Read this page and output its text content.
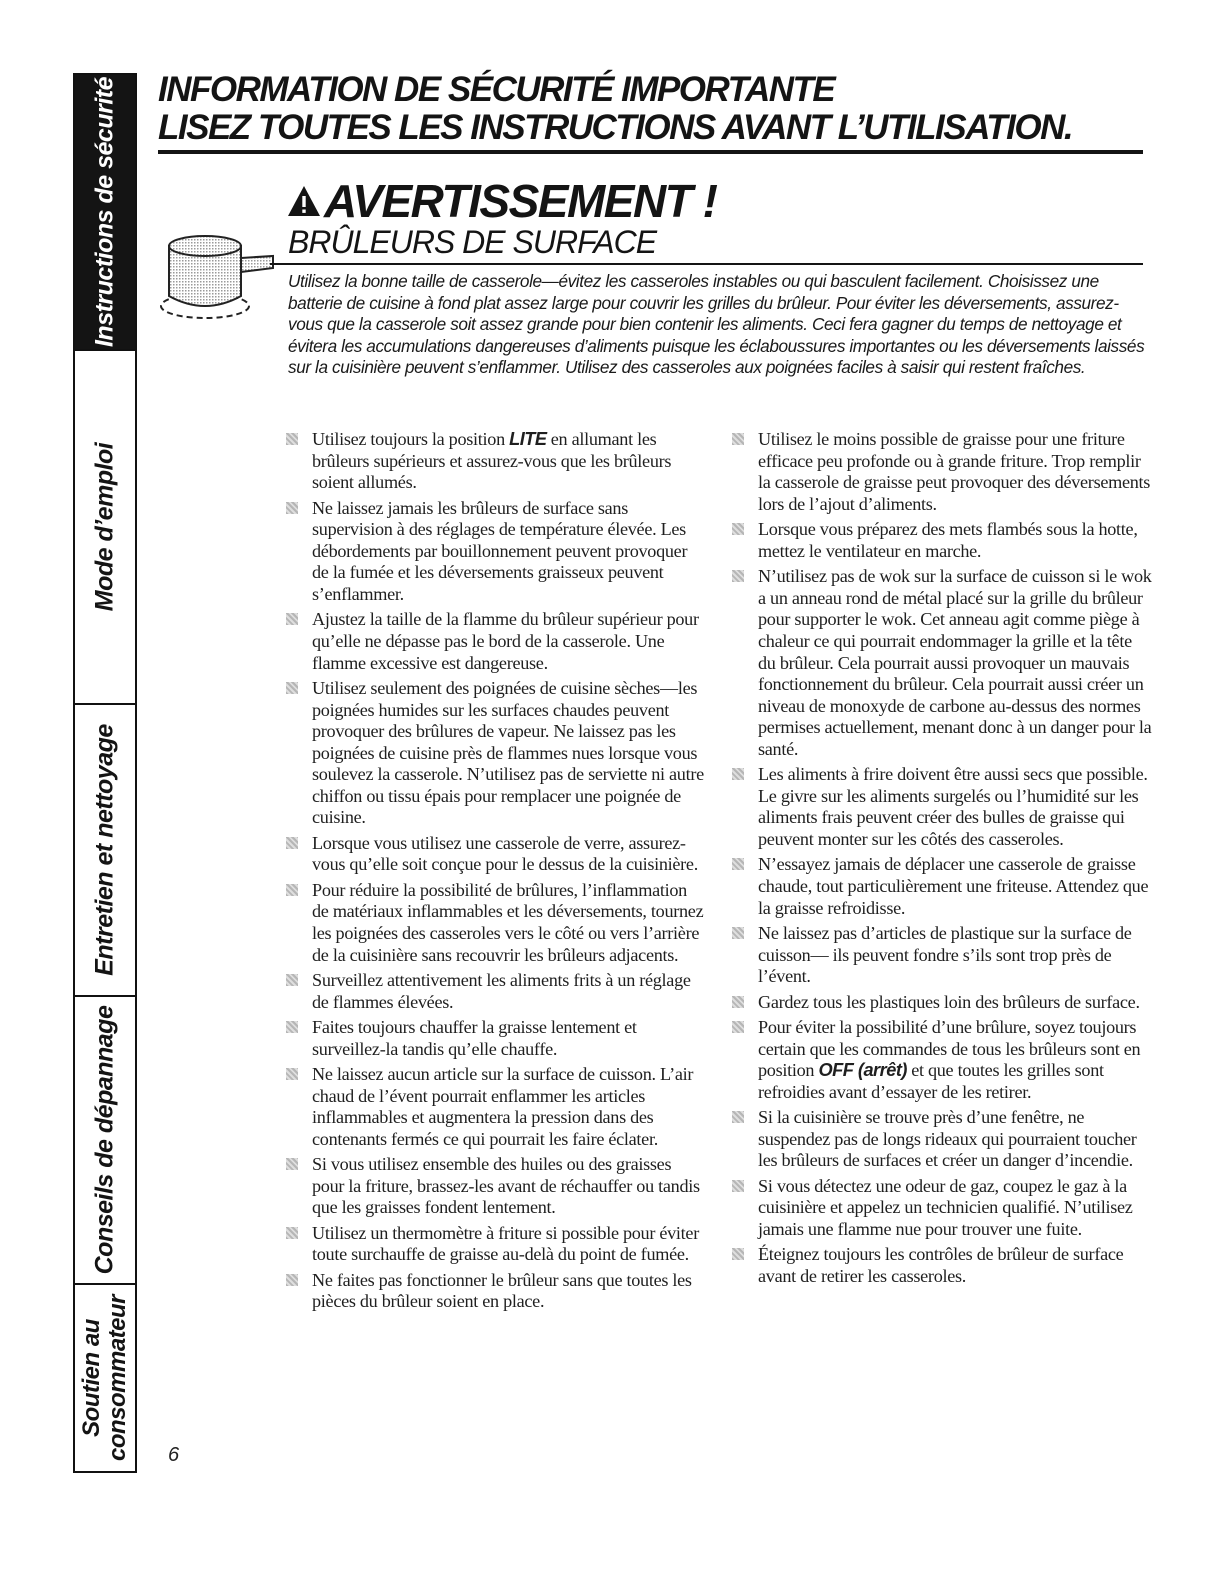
Instructions de sécurité
Mode d’emploi
Entretien et nettoyage
Conseils de dépannage
Soutien au consommateur
INFORMATION DE SÉCURITÉ IMPORTANTE
LISEZ TOUTES LES INSTRUCTIONS AVANT L’UTILISATION.
AVERTISSEMENT !
BRÛLEURS DE SURFACE

Utilisez la bonne taille de casserole—évitez les casseroles instables ou qui basculent facilement. Choisissez une batterie de cuisine à fond plat assez large pour couvrir les grilles du brûleur. Pour éviter les déversements, assurez-vous que la casserole soit assez grande pour bien contenir les aliments. Ceci fera gagner du temps de nettoyage et évitera les accumulations dangereuses d’aliments puisque les éclaboussures importantes ou les déversements laissés sur la cuisinière peuvent s’enflammer. Utilisez des casseroles aux poignées faciles à saisir qui restent fraîches.

Utilisez toujours la position LITE en allumant les brûleurs supérieurs et assurez-vous que les brûleurs soient allumés.
Ne laissez jamais les brûleurs de surface sans supervision à des réglages de température élevée. Les débordements par bouillonnement peuvent provoquer de la fumée et les déversements graisseux peuvent s’enflammer.
Ajustez la taille de la flamme du brûleur supérieur pour qu’elle ne dépasse pas le bord de la casserole. Une flamme excessive est dangereuse.
Utilisez seulement des poignées de cuisine sèches—les poignées humides sur les surfaces chaudes peuvent provoquer des brûlures de vapeur. Ne laissez pas les poignées de cuisine près de flammes nues lorsque vous soulevez la casserole. N’utilisez pas de serviette ni autre chiffon ou tissu épais pour remplacer une poignée de cuisine.
Lorsque vous utilisez une casserole de verre, assurez-vous qu’elle soit conçue pour le dessus de la cuisinière.
Pour réduire la possibilité de brûlures, l’inflammation de matériaux inflammables et les déversements, tournez les poignées des casseroles vers le côté ou vers l’arrière de la cuisinière sans recouvrir les brûleurs adjacents.
Surveillez attentivement les aliments frits à un réglage de flammes élevées.
Faites toujours chauffer la graisse lentement et surveillez-la tandis qu’elle chauffe.
Ne laissez aucun article sur la surface de cuisson. L’air chaud de l’évent pourrait enflammer les articles inflammables et augmentera la pression dans des contenants fermés ce qui pourrait les faire éclater.
Si vous utilisez ensemble des huiles ou des graisses pour la friture, brassez-les avant de réchauffer ou tandis que les graisses fondent lentement.
Utilisez un thermomètre à friture si possible pour éviter toute surchauffe de graisse au-delà du point de fumée.
Ne faites pas fonctionner le brûleur sans que toutes les pièces du brûleur soient en place.
Utilisez le moins possible de graisse pour une friture efficace peu profonde ou à grande friture. Trop remplir la casserole de graisse peut provoquer des déversements lors de l’ajout d’aliments.
Lorsque vous préparez des mets flambés sous la hotte, mettez le ventilateur en marche.
N’utilisez pas de wok sur la surface de cuisson si le wok a un anneau rond de métal placé sur la grille du brûleur pour supporter le wok. Cet anneau agit comme piège à chaleur ce qui pourrait endommager la grille et la tête du brûleur. Cela pourrait aussi provoquer un mauvais fonctionnement du brûleur. Cela pourrait aussi créer un niveau de monoxyde de carbone au-dessus des normes permises actuellement, menant donc à un danger pour la santé.
Les aliments à frire doivent être aussi secs que possible. Le givre sur les aliments surgelés ou l’humidité sur les aliments frais peuvent créer des bulles de graisse qui peuvent monter sur les côtés des casseroles.
N’essayez jamais de déplacer une casserole de graisse chaude, tout particulièrement une friteuse. Attendez que la graisse refroidisse.
Ne laissez pas d’articles de plastique sur la surface de cuisson— ils peuvent fondre s’ils sont trop près de l’évent.
Gardez tous les plastiques loin des brûleurs de surface.
Pour éviter la possibilité d’une brûlure, soyez toujours certain que les commandes de tous les brûleurs sont en position OFF (arrêt) et que toutes les grilles sont refroidies avant d’essayer de les retirer.
Si la cuisinière se trouve près d’une fenêtre, ne suspendez pas de longs rideaux qui pourraient toucher les brûleurs de surfaces et créer un danger d’incendie.
Si vous détectez une odeur de gaz, coupez le gaz à la cuisinière et appelez un technicien qualifié. N’utilisez jamais une flamme nue pour trouver une fuite.
Éteignez toujours les contrôles de brûleur de surface avant de retirer les casseroles.
6
